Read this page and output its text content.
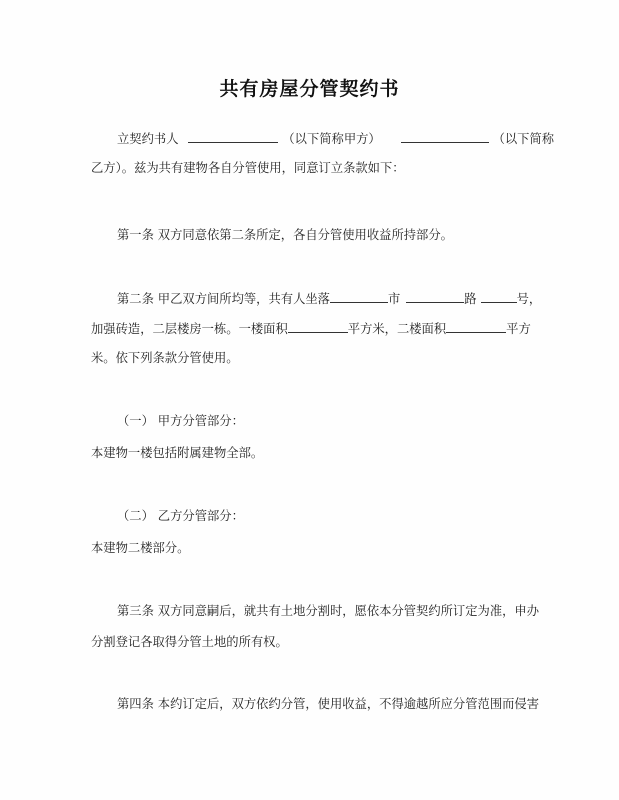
共有房屋分管契约书
立契约书人	（以下简称甲方）	（以下简称
乙方）。兹为共有建物各自分管使用，同意订立条款如下：
第一条 双方同意依第二条所定，各自分管使用收益所持部分。
第二条 甲乙双方间所均等，共有人坐落	市	路	号，
加强砖造，二层楼房一栋。一楼面积	平方米，二楼面积	平方
米。依下列条款分管使用。
（一） 甲方分管部分：
本建物一楼包括附属建物全部。
（二） 乙方分管部分：
本建物二楼部分。
第三条 双方同意嗣后，就共有土地分割时，愿依本分管契约所订定为准，申办
分割登记各取得分管土地的所有权。
第四条 本约订定后，双方依约分管，使用收益，不得逾越所应分管范围而侵害
